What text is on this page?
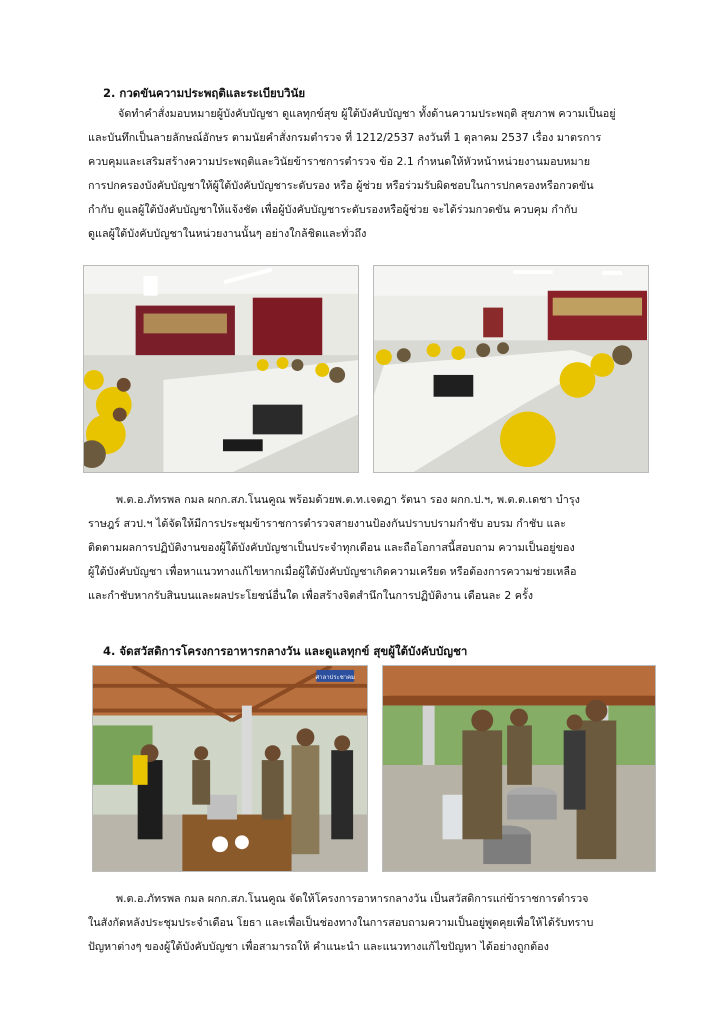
2. กวดขันความประพฤติและระเบียบวินัย
จัดทำคำสั่งมอบหมายผู้บังคับบัญชา ดูแลทุกข์สุข ผู้ใต้บังคับบัญชา ทั้งด้านความประพฤติ สุขภาพ ความเป็นอยู่
และบันทึกเป็นลายลักษณ์อักษร ตามนัยคำสั่งกรมตำรวจ ที่ 1212/2537 ลงวันที่ 1 ตุลาคม 2537 เรื่อง มาตรการ
ควบคุมและเสริมสร้างความประพฤติและวินัยข้าราชการตำรวจ ข้อ 2.1 กำหนดให้หัวหน้าหน่วยงานมอบหมาย
การปกครองบังคับบัญชาให้ผู้ใต้บังคับบัญชาระดับรอง หรือ ผู้ช่วย หรือร่วมรับผิดชอบในการปกครองหรือกวดขัน
กำกับ ดูแลผู้ใต้บังคับบัญชาให้แจ้งชัด เพื่อผู้บังคับบัญชาระดับรองหรือผู้ช่วย จะได้ร่วมกวดขัน ควบคุม กำกับ
ดูแลผู้ใต้บังคับบัญชาในหน่วยงานนั้นๆ อย่างใกล้ชิดและทั่วถึง
พ.ต.อ.ภัทรพล กมล ผกก.สภ.โนนคูณ พร้อมด้วยพ.ต.ท.เจตฎา รัตนา รอง ผกก.ป.ฯ, พ.ต.ต.เดชา บำรุง
ราษฎร์ สวป.ฯ ได้จัดให้มีการประชุมข้าราชการตำรวจสายงานป้องกันปราบปรามกำชับ อบรม กำชับ และ
ติดตามผลการปฏิบัติงานของผู้ใต้บังคับบัญชาเป็นประจำทุกเดือน และถือโอกาสนี้สอบถาม ความเป็นอยู่ของ
ผู้ใต้บังคับบัญชา เพื่อหาแนวทางแก้ไขหากเมื่อผู้ใต้บังคับบัญชาเกิดความเครียด หรือต้องการความช่วยเหลือ
และกำชับหากรับสินบนและผลประโยชน์อื่นใด เพื่อสร้างจิตสำนึกในการปฏิบัติงาน เดือนละ 2 ครั้ง
4. จัดสวัสดิการโครงการอาหารกลางวัน และดูแลทุกข์ สุขผู้ใต้บังคับบัญชา
ศาลาประชาคม
พ.ต.อ.ภัทรพล กมล ผกก.สภ.โนนคูณ จัดให้โครงการอาหารกลางวัน เป็นสวัสดิการแก่ข้าราชการตำรวจ
ในสังกัดหลังประชุมประจำเดือน โยธา และเพื่อเป็นช่องทางในการสอบถามความเป็นอยู่พูดคุยเพื่อให้ได้รับทราบ
ปัญหาต่างๆ ของผู้ใต้บังคับบัญชา เพื่อสามารถให้ คำแนะนำ และแนวทางแก้ไขปัญหา ได้อย่างถูกต้อง
